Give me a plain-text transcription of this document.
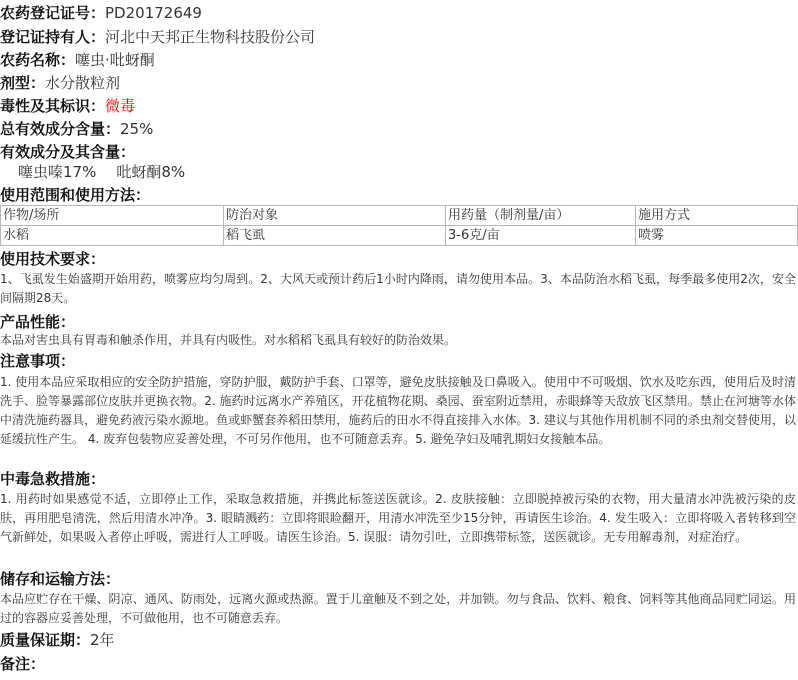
农药登记证号：PD20172649
登记证持有人：河北中天邦正生物科技股份公司
农药名称：噻虫·吡蚜酮
剂型：水分散粒剂
毒性及其标识：微毒
总有效成分含量：25%
有效成分及其含量：
噻虫嗪17% 吡蚜酮8%
使用范围和使用方法：
作物/场所	防治对象	用药量（制剂量/亩）	施用方式
水稻	稻飞虱	3-6克/亩	喷雾
使用技术要求：
1、飞虱发生始盛期开始用药，喷雾应均匀周到。2、大风天或预计药后1小时内降雨，请勿使用本品。3、本品防治水稻飞虱，每季最多使用2次，安全间隔期28天。
产品性能：
本品对害虫具有胃毒和触杀作用，并具有内吸性。对水稻稻飞虱具有较好的防治效果。
注意事项：
1. 使用本品应采取相应的安全防护措施，穿防护服，戴防护手套、口罩等，避免皮肤接触及口鼻吸入。使用中不可吸烟、饮水及吃东西，使用后及时清洗手、脸等暴露部位皮肤并更换衣物。2. 施药时远离水产养殖区，开花植物花期、桑园、蚕室附近禁用，赤眼蜂等天敌放飞区禁用。禁止在河塘等水体中清洗施药器具，避免药液污染水源地。鱼或虾蟹套养稻田禁用，施药后的田水不得直接排入水体。3. 建议与其他作用机制不同的杀虫剂交替使用，以延缓抗性产生。 4. 废弃包装物应妥善处理，不可另作他用，也不可随意丢弃。5. 避免孕妇及哺乳期妇女接触本品。
中毒急救措施：
1. 用药时如果感觉不适，立即停止工作，采取急救措施，并携此标签送医就诊。2. 皮肤接触：立即脱掉被污染的衣物，用大量清水冲洗被污染的皮肤，再用肥皂清洗，然后用清水冲净。3. 眼睛溅药：立即将眼睑翻开，用清水冲洗至少15分钟，再请医生诊治。4. 发生吸入：立即将吸入者转移到空气新鲜处，如果吸入者停止呼吸，需进行人工呼吸。请医生诊治。5. 误服：请勿引吐，立即携带标签，送医就诊。无专用解毒剂，对症治疗。
储存和运输方法：
本品应贮存在干燥、阴凉、通风、防雨处，远离火源或热源。置于儿童触及不到之处，并加锁。勿与食品、饮料、粮食、饲料等其他商品同贮同运。用过的容器应妥善处理，不可做他用，也不可随意丢弃。
质量保证期：2年
备注：
